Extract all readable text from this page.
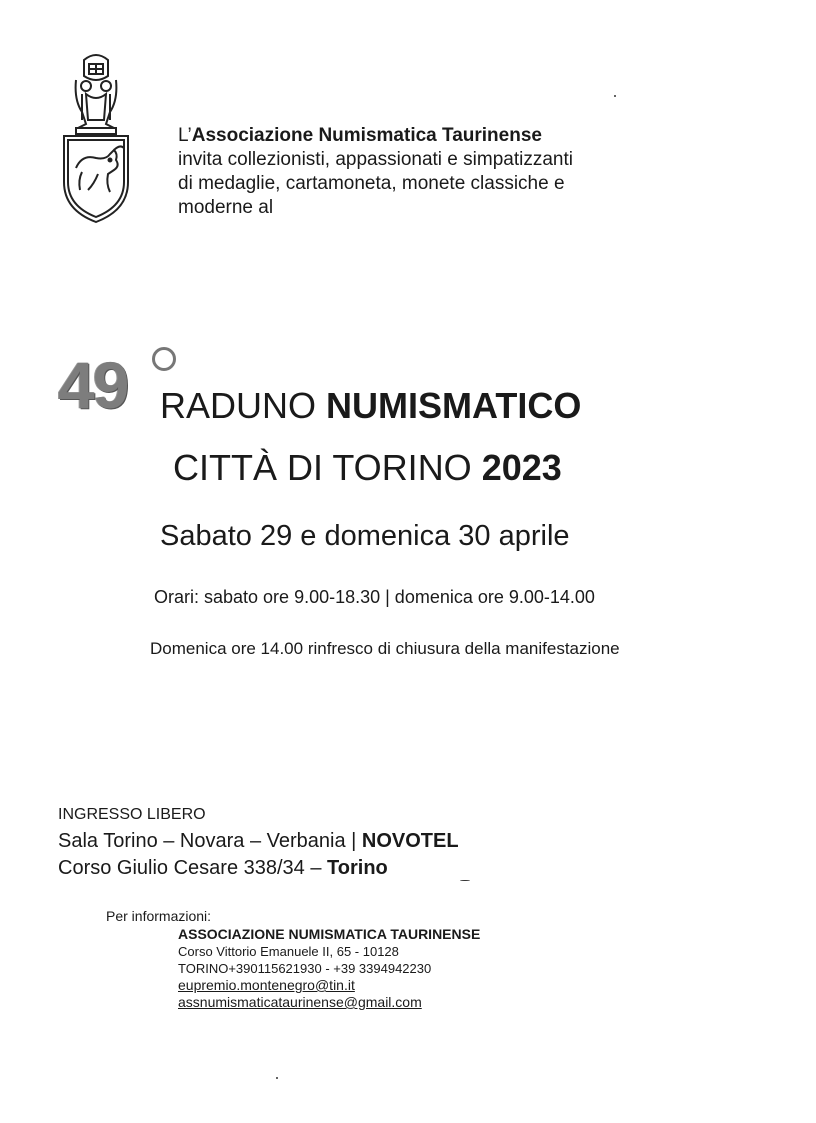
L’Associazione Numismatica Taurinense
invita collezionisti, appassionati e simpatizzanti
di medaglie, cartamoneta, monete classiche e
moderne al
49 RADUNO NUMISMATICO
CITTÀ DI TORINO 2023
Sabato 29 e domenica 30 aprile
Orari: sabato ore 9.00-18.30 | domenica ore 9.00-14.00
Domenica ore 14.00 rinfresco di chiusura della manifestazione
INGRESSO LIBERO
Sala Torino – Novara – Verbania | NOVOTEL
Corso Giulio Cesare 338/34 – Torino
Per informazioni:
ASSOCIAZIONE NUMISMATICA TAURINENSE
Corso Vittorio Emanuele II, 65 - 10128
TORINO+390115621930 - +39 3394942230
eupremio.montenegro@tin.it
assnumismaticataurinense@gmail.com
